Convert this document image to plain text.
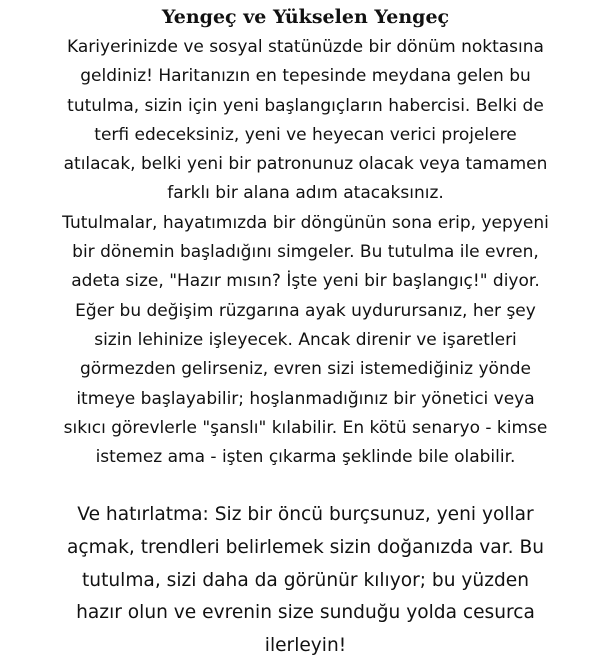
Yengeç ve Yükselen Yengeç

Kariyerinizde ve sosyal statünüzde bir dönüm noktasına
geldiniz! Haritanızın en tepesinde meydana gelen bu
tutulma, sizin için yeni başlangıçların habercisi. Belki de
terfi edeceksiniz, yeni ve heyecan verici projelere
atılacak, belki yeni bir patronunuz olacak veya tamamen
farklı bir alana adım atacaksınız.

Tutulmalar, hayatımızda bir döngünün sona erip, yepyeni
bir dönemin başladığını simgeler. Bu tutulma ile evren,
adeta size, "Hazır mısın? İşte yeni bir başlangıç!" diyor.
Eğer bu değişim rüzgarına ayak uydurursanız, her şey
sizin lehinize işleyecek. Ancak direnir ve işaretleri
görmezden gelirseniz, evren sizi istemediğiniz yönde
itmeye başlayabilir; hoşlanmadığınız bir yönetici veya
sıkıcı görevlerle "şanslı" kılabilir. En kötü senaryo - kimse
istemez ama - işten çıkarma şeklinde bile olabilir.

Ve hatırlatma: Siz bir öncü burçsunuz, yeni yollar
açmak, trendleri belirlemek sizin doğanızda var. Bu
tutulma, sizi daha da görünür kılıyor; bu yüzden
hazır olun ve evrenin size sunduğu yolda cesurca
ilerleyin!
